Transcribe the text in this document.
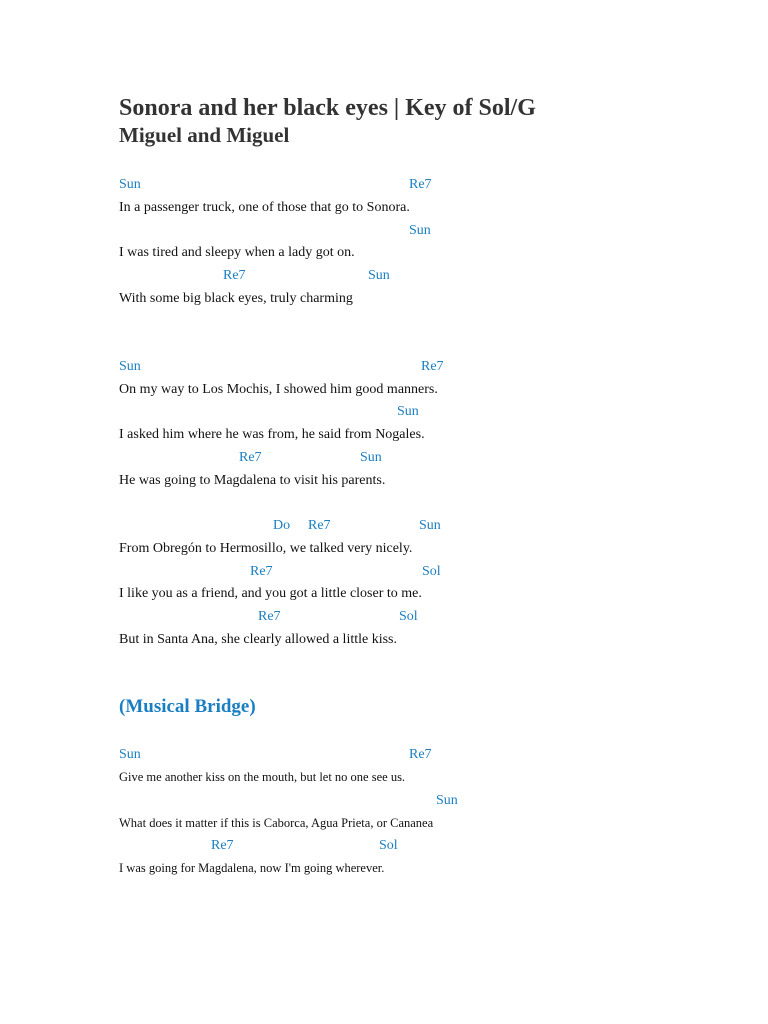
Sonora and her black eyes | Key of Sol/G
Miguel and Miguel
Sun	Re7
In a passenger truck, one of those that go to Sonora.
Sun
I was tired and sleepy when a lady got on.
Re7	Sun
With some big black eyes, truly charming
Sun	Re7
On my way to Los Mochis, I showed him good manners.
Sun
I asked him where he was from, he said from Nogales.
Re7	Sun
He was going to Magdalena to visit his parents.
Do Re7	Sun
From Obregón to Hermosillo, we talked very nicely.
Re7	Sol
I like you as a friend, and you got a little closer to me.
Re7	Sol
But in Santa Ana, she clearly allowed a little kiss.
(Musical Bridge)
Sun	Re7
Give me another kiss on the mouth, but let no one see us.
Sun
What does it matter if this is Caborca, Agua Prieta, or Cananea
Re7	Sol
I was going for Magdalena, now I'm going wherever.
